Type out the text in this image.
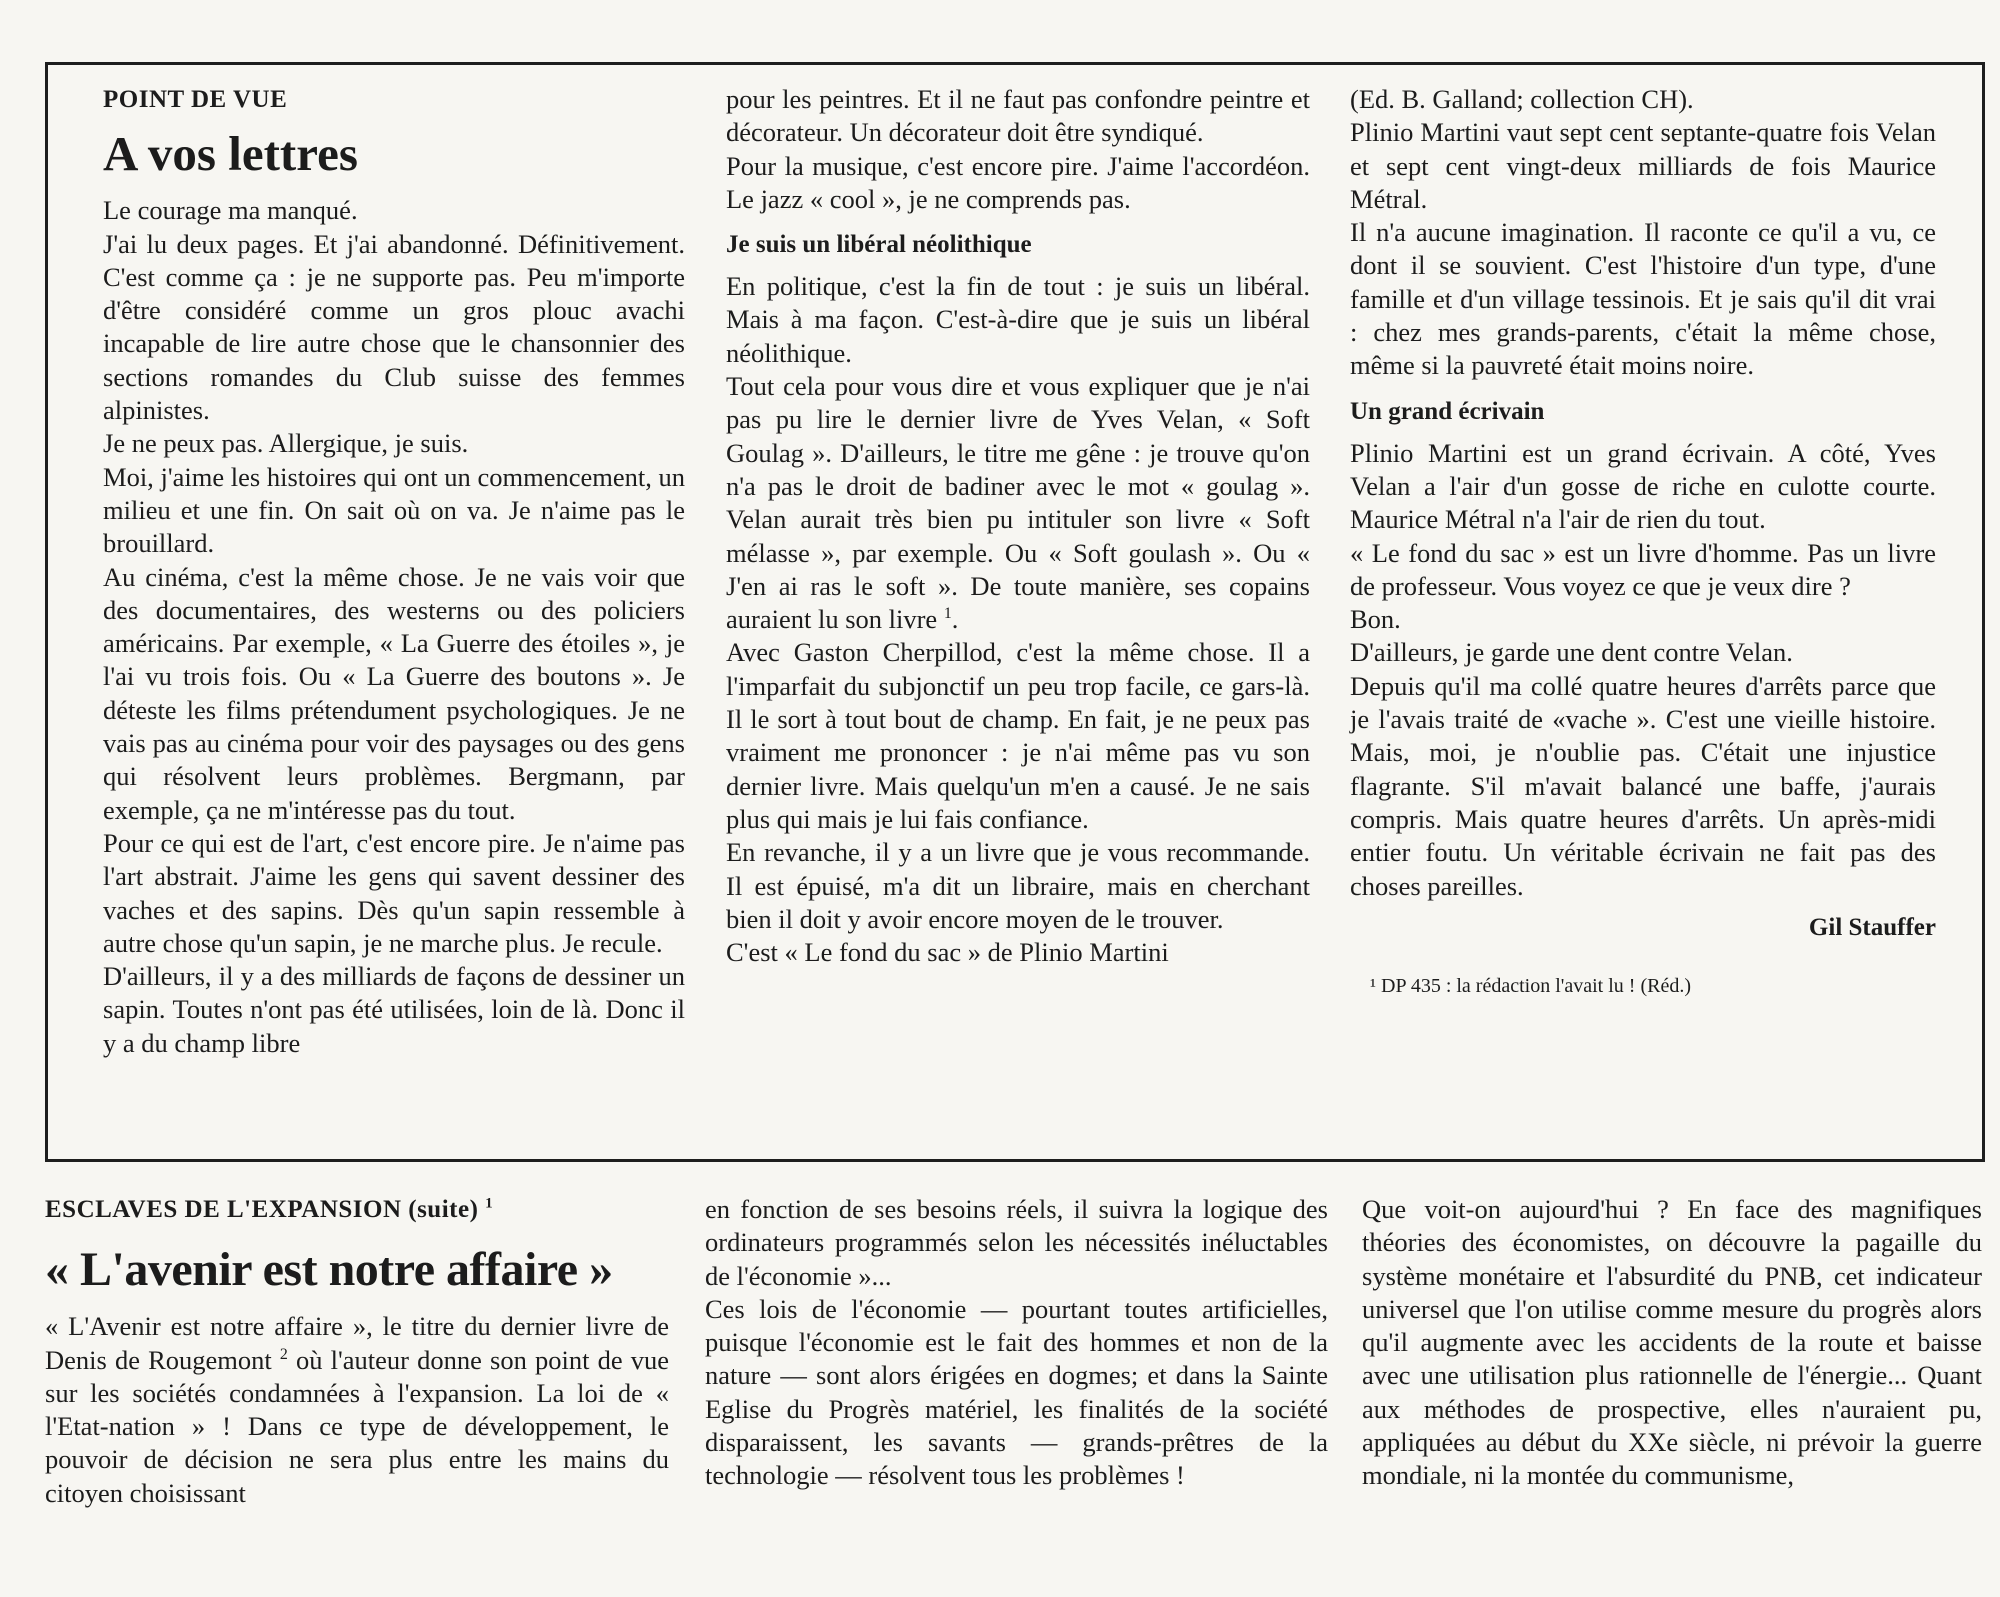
POINT DE VUE
A vos lettres

Le courage ma manqué.

J'ai lu deux pages. Et j'ai abandonné. Définitivement. C'est comme ça : je ne supporte pas. Peu m'importe d'être considéré comme un gros plouc avachi incapable de lire autre chose que le chansonnier des sections romandes du Club suisse des femmes alpinistes.

Je ne peux pas. Allergique, je suis.

Moi, j'aime les histoires qui ont un commencement, un milieu et une fin. On sait où on va. Je n'aime pas le brouillard.

Au cinéma, c'est la même chose. Je ne vais voir que des documentaires, des westerns ou des policiers américains. Par exemple, « La Guerre des étoiles », je l'ai vu trois fois. Ou « La Guerre des boutons ». Je déteste les films prétendument psychologiques. Je ne vais pas au cinéma pour voir des paysages ou des gens qui résolvent leurs problèmes. Bergmann, par exemple, ça ne m'intéresse pas du tout.

Pour ce qui est de l'art, c'est encore pire. Je n'aime pas l'art abstrait. J'aime les gens qui savent dessiner des vaches et des sapins. Dès qu'un sapin ressemble à autre chose qu'un sapin, je ne marche plus. Je recule.

D'ailleurs, il y a des milliards de façons de dessiner un sapin. Toutes n'ont pas été utilisées, loin de là. Donc il y a du champ libre

pour les peintres. Et il ne faut pas confondre peintre et décorateur. Un décorateur doit être syndiqué.

Pour la musique, c'est encore pire. J'aime l'accordéon. Le jazz « cool », je ne comprends pas.

Je suis un libéral néolithique

En politique, c'est la fin de tout : je suis un libéral. Mais à ma façon. C'est-à-dire que je suis un libéral néolithique.

Tout cela pour vous dire et vous expliquer que je n'ai pas pu lire le dernier livre de Yves Velan, « Soft Goulag ». D'ailleurs, le titre me gêne : je trouve qu'on n'a pas le droit de badiner avec le mot « goulag ». Velan aurait très bien pu intituler son livre « Soft mélasse », par exemple. Ou « Soft goulash ». Ou « J'en ai ras le soft ». De toute manière, ses copains auraient lu son livre $^1$.

Avec Gaston Cherpillod, c'est la même chose. Il a l'imparfait du subjonctif un peu trop facile, ce gars-là. Il le sort à tout bout de champ. En fait, je ne peux pas vraiment me prononcer : je n'ai même pas vu son dernier livre. Mais quelqu'un m'en a causé. Je ne sais plus qui mais je lui fais confiance.

En revanche, il y a un livre que je vous recommande. Il est épuisé, m'a dit un libraire, mais en cherchant bien il doit y avoir encore moyen de le trouver.

C'est « Le fond du sac » de Plinio Martini

(Ed. B. Galland; collection CH).

Plinio Martini vaut sept cent septante-quatre fois Velan et sept cent vingt-deux milliards de fois Maurice Métral.

Il n'a aucune imagination. Il raconte ce qu'il a vu, ce dont il se souvient. C'est l'histoire d'un type, d'une famille et d'un village tessinois. Et je sais qu'il dit vrai : chez mes grands-parents, c'était la même chose, même si la pauvreté était moins noire.

Un grand écrivain

Plinio Martini est un grand écrivain. A côté, Yves Velan a l'air d'un gosse de riche en culotte courte. Maurice Métral n'a l'air de rien du tout.

« Le fond du sac » est un livre d'homme. Pas un livre de professeur. Vous voyez ce que je veux dire ?

Bon.

D'ailleurs, je garde une dent contre Velan.

Depuis qu'il ma collé quatre heures d'arrêts parce que je l'avais traité de «vache ». C'est une vieille histoire. Mais, moi, je n'oublie pas. C'était une injustice flagrante. S'il m'avait balancé une baffe, j'aurais compris. Mais quatre heures d'arrêts. Un après-midi entier foutu. Un véritable écrivain ne fait pas des choses pareilles.

Gil Stauffer
¹ DP 435 : la rédaction l'avait lu ! (Réd.)
ESCLAVES DE L'EXPANSION (suite) $^1$
« L'avenir est notre affaire »

« L'Avenir est notre affaire », le titre du dernier livre de Denis de Rougemont $^2$ où l'auteur donne son point de vue sur les sociétés condamnées à l'expansion. La loi de « l'Etat-nation » ! Dans ce type de développement, le pouvoir de décision ne sera plus entre les mains du citoyen choisissant

en fonction de ses besoins réels, il suivra la logique des ordinateurs programmés selon les nécessités inéluctables de l'économie »...

Ces lois de l'économie — pourtant toutes artificielles, puisque l'économie est le fait des hommes et non de la nature — sont alors érigées en dogmes; et dans la Sainte Eglise du Progrès matériel, les finalités de la société disparaissent, les savants — grands-prêtres de la technologie — résolvent tous les problèmes !

Que voit-on aujourd'hui ? En face des magnifiques théories des économistes, on découvre la pagaille du système monétaire et l'absurdité du PNB, cet indicateur universel que l'on utilise comme mesure du progrès alors qu'il augmente avec les accidents de la route et baisse avec une utilisation plus rationnelle de l'énergie... Quant aux méthodes de prospective, elles n'auraient pu, appliquées au début du XXe siècle, ni prévoir la guerre mondiale, ni la montée du communisme,
